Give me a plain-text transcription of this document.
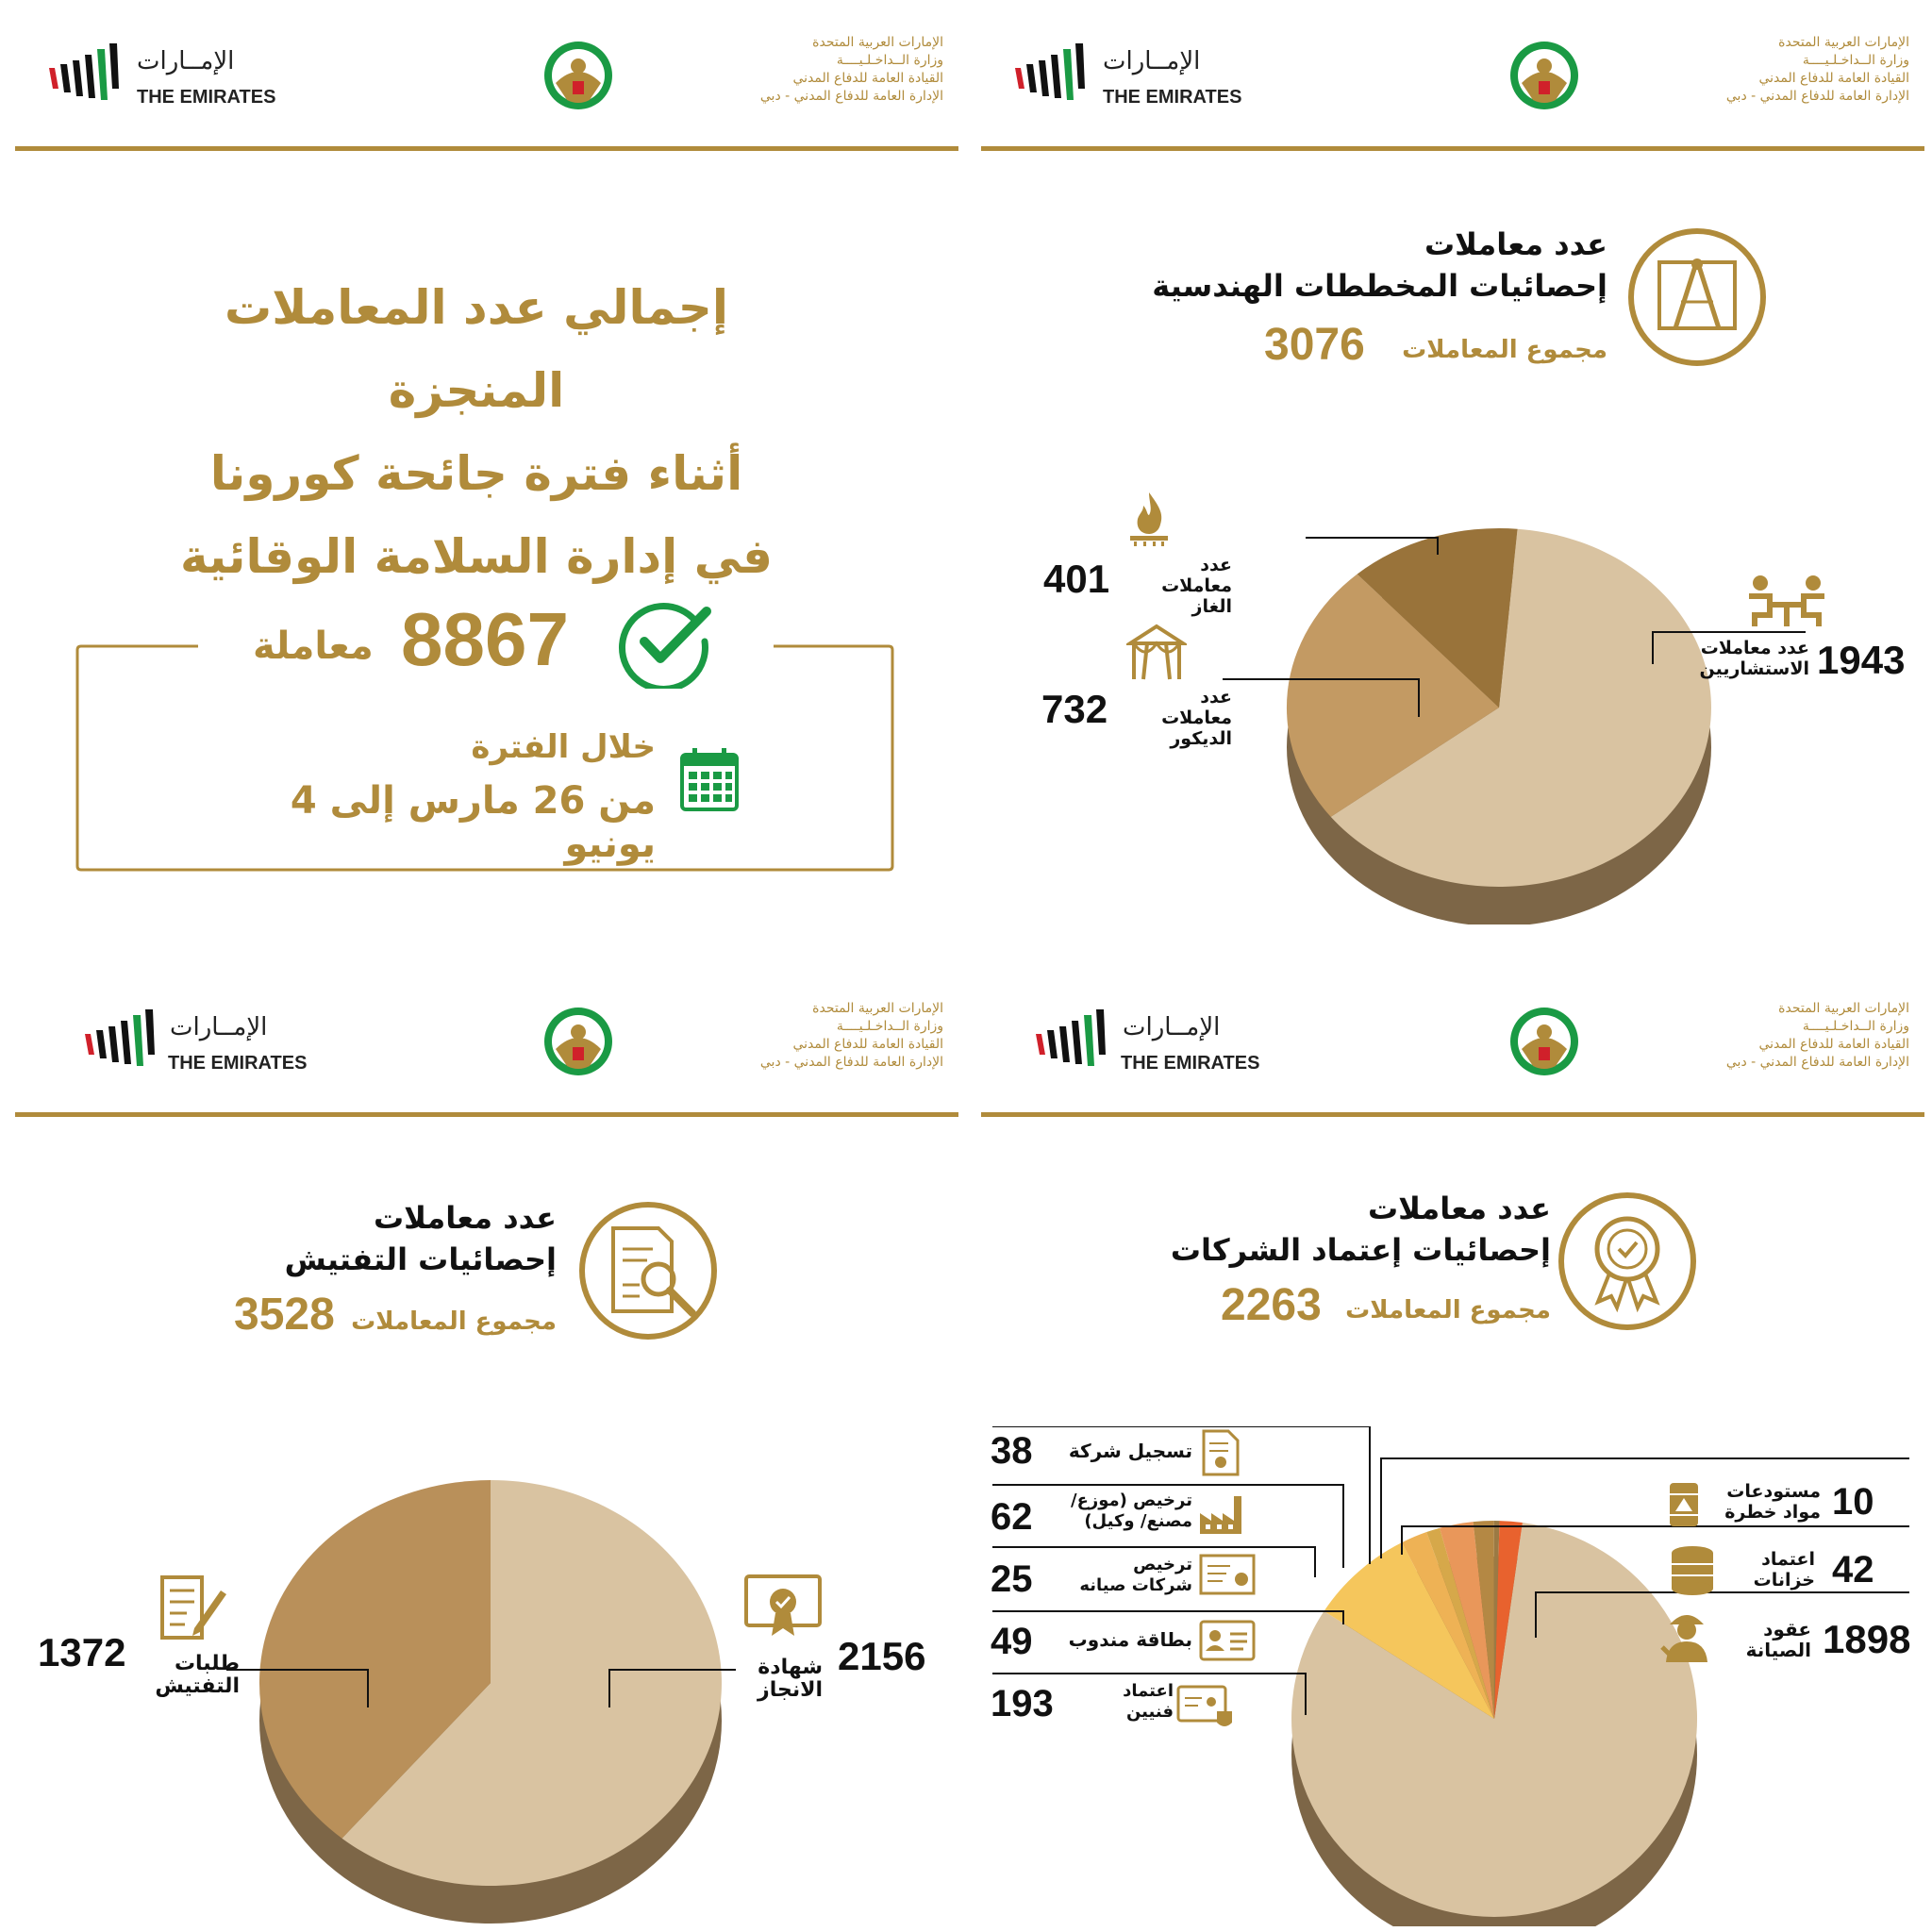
الإمــارات
THE EMIRATES
الإمارات العربية المتحدة
وزارة الــداخـلـيــــة
القيادة العامة للدفاع المدني
الإدارة العامة للدفاع المدني - دبي
إجمالي عدد المعاملات المنجزة
أثناء فترة جائحة كورونا
في إدارة السلامة الوقائية
8867
معاملة
خلال الفترة
من 26 مارس إلى 4 يونيو
الإمــارات
THE EMIRATES
الإمارات العربية المتحدة
وزارة الــداخـلـيــــة
القيادة العامة للدفاع المدني
الإدارة العامة للدفاع المدني - دبي
عدد معاملات
إحصائيات المخططات الهندسية
مجموع المعاملات
3076
401	عدد معاملات
الغاز
732	عدد معاملات
الديكور
1943
عدد معاملات
الاستشاريين
الإمــارات
THE EMIRATES
الإمارات العربية المتحدة
وزارة الــداخـلـيــــة
القيادة العامة للدفاع المدني
الإدارة العامة للدفاع المدني - دبي
عدد معاملات
إحصائيات التفتيش
مجموع المعاملات
3528
1372	طلبات
التفتيش
2156
شهادة
الانجاز
الإمــارات
THE EMIRATES
الإمارات العربية المتحدة
وزارة الــداخـلـيــــة
القيادة العامة للدفاع المدني
الإدارة العامة للدفاع المدني - دبي
عدد معاملات
إحصائيات إعتماد الشركات
مجموع المعاملات
2263
38	تسجيل شركة
62	ترخيص (موزع/
مصنع/ وكيل)
25	ترخيص
شركات صيانه
49	بطاقة مندوب
193	اعتماد
فنيين
10
مستودعات
مواد خطرة
42
اعتماد
خزانات
1898
عقود
الصيانة
